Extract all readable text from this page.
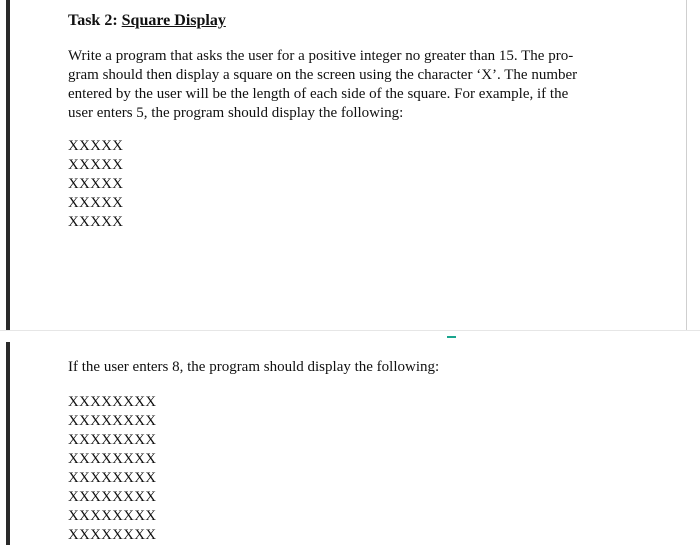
Task 2: Square Display
Write a program that asks the user for a positive integer no greater than 15. The pro-
gram should then display a square on the screen using the character ‘X’. The number
entered by the user will be the length of each side of the square. For example, if the
user enters 5, the program should display the following:
XXXXX
XXXXX
XXXXX
XXXXX
XXXXX
If the user enters 8, the program should display the following:
XXXXXXXX
XXXXXXXX
XXXXXXXX
XXXXXXXX
XXXXXXXX
XXXXXXXX
XXXXXXXX
XXXXXXXX
